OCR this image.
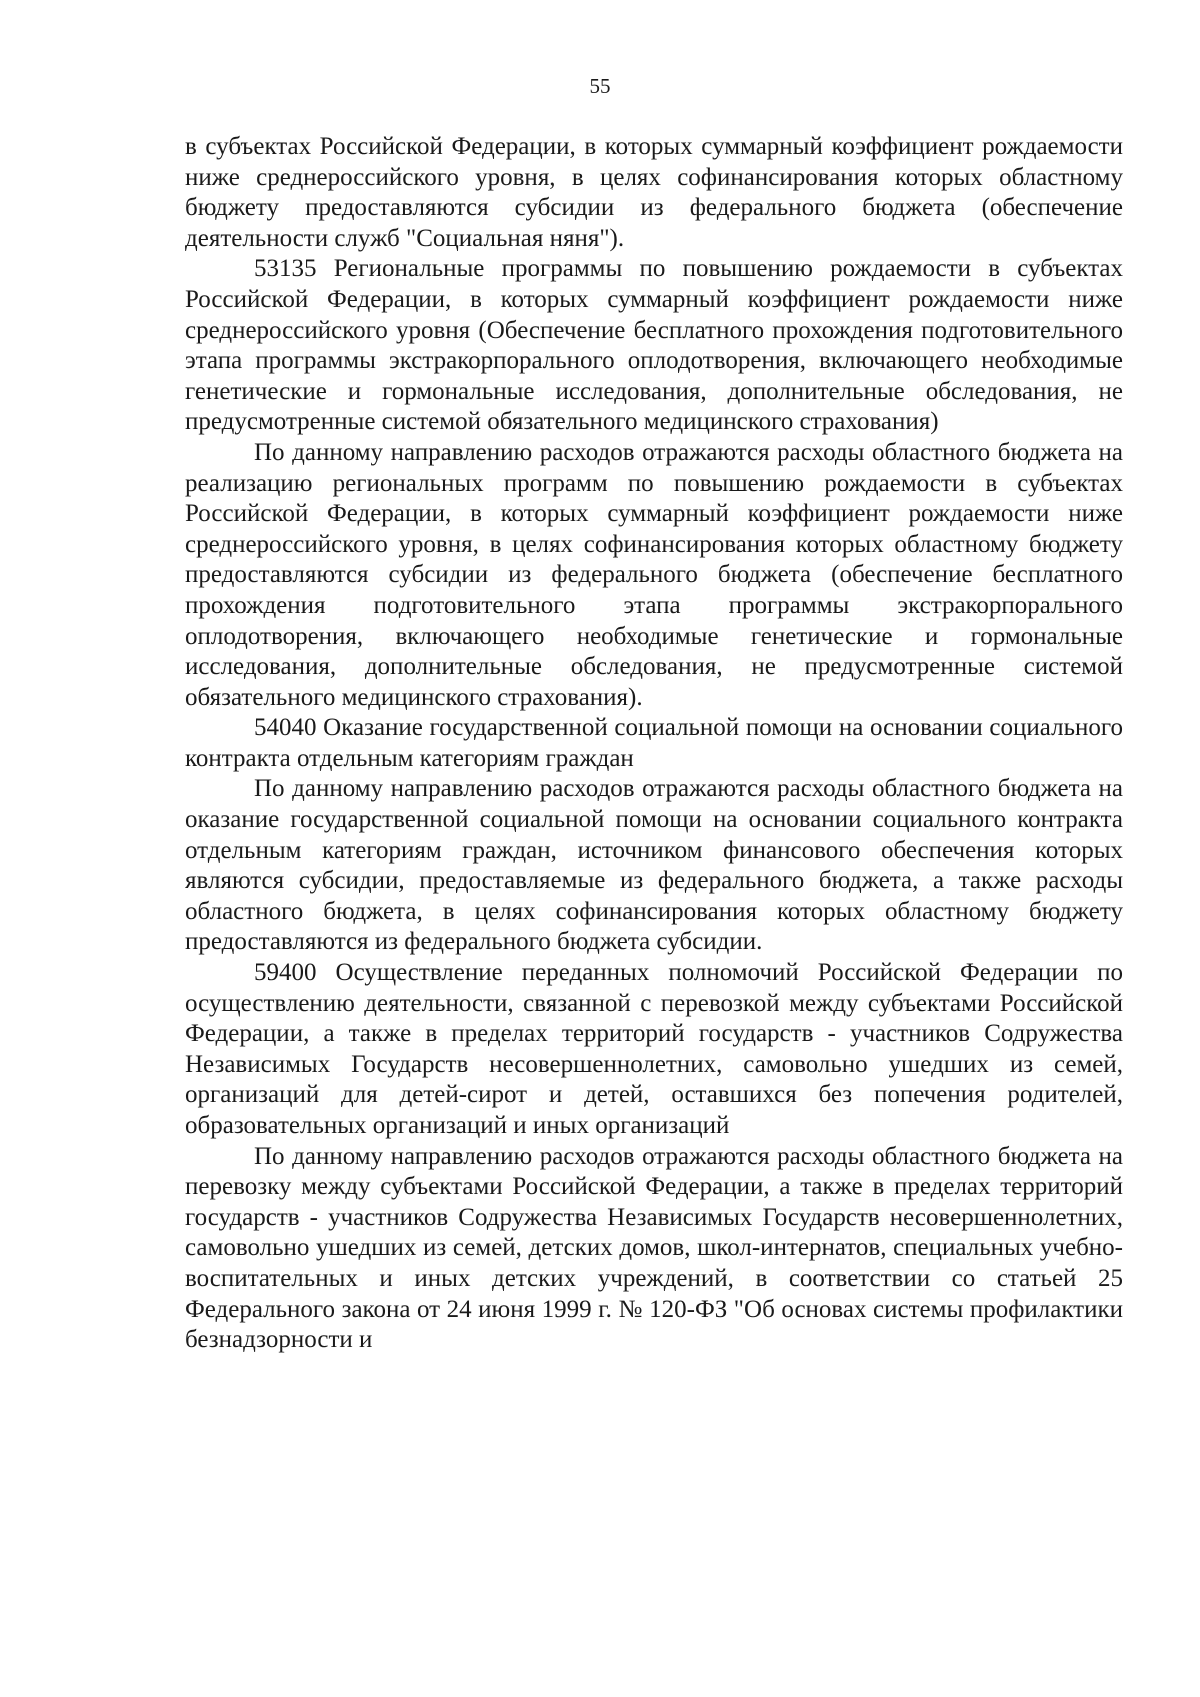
55

в субъектах Российской Федерации, в которых суммарный коэффициент рождаемости ниже среднероссийского уровня, в целях софинансирования которых областному бюджету предоставляются субсидии из федерального бюджета (обеспечение деятельности служб "Социальная няня").

53135 Региональные программы по повышению рождаемости в субъектах Российской Федерации, в которых суммарный коэффициент рождаемости ниже среднероссийского уровня (Обеспечение бесплатного прохождения подготовительного этапа программы экстракорпорального оплодотворения, включающего необходимые генетические и гормональные исследования, дополнительные обследования, не предусмотренные системой обязательного медицинского страхования)

По данному направлению расходов отражаются расходы областного бюджета на реализацию региональных программ по повышению рождаемости в субъектах Российской Федерации, в которых суммарный коэффициент рождаемости ниже среднероссийского уровня, в целях софинансирования которых областному бюджету предоставляются субсидии из федерального бюджета (обеспечение бесплатного прохождения подготовительного этапа программы экстракорпорального оплодотворения, включающего необходимые генетические и гормональные исследования, дополнительные обследования, не предусмотренные системой обязательного медицинского страхования).

54040 Оказание государственной социальной помощи на основании социального контракта отдельным категориям граждан

По данному направлению расходов отражаются расходы областного бюджета на оказание государственной социальной помощи на основании социального контракта отдельным категориям граждан, источником финансового обеспечения которых являются субсидии, предоставляемые из федерального бюджета, а также расходы областного бюджета, в целях софинансирования которых областному бюджету предоставляются из федерального бюджета субсидии.

59400 Осуществление переданных полномочий Российской Федерации по осуществлению деятельности, связанной с перевозкой между субъектами Российской Федерации, а также в пределах территорий государств - участников Содружества Независимых Государств несовершеннолетних, самовольно ушедших из семей, организаций для детей-сирот и детей, оставшихся без попечения родителей, образовательных организаций и иных организаций

По данному направлению расходов отражаются расходы областного бюджета на перевозку между субъектами Российской Федерации, а также в пределах территорий государств - участников Содружества Независимых Государств несовершеннолетних, самовольно ушедших из семей, детских домов, школ-интернатов, специальных учебно-воспитательных и иных детских учреждений, в соответствии со статьей 25 Федерального закона от 24 июня 1999 г. № 120-ФЗ "Об основах системы профилактики безнадзорности и
